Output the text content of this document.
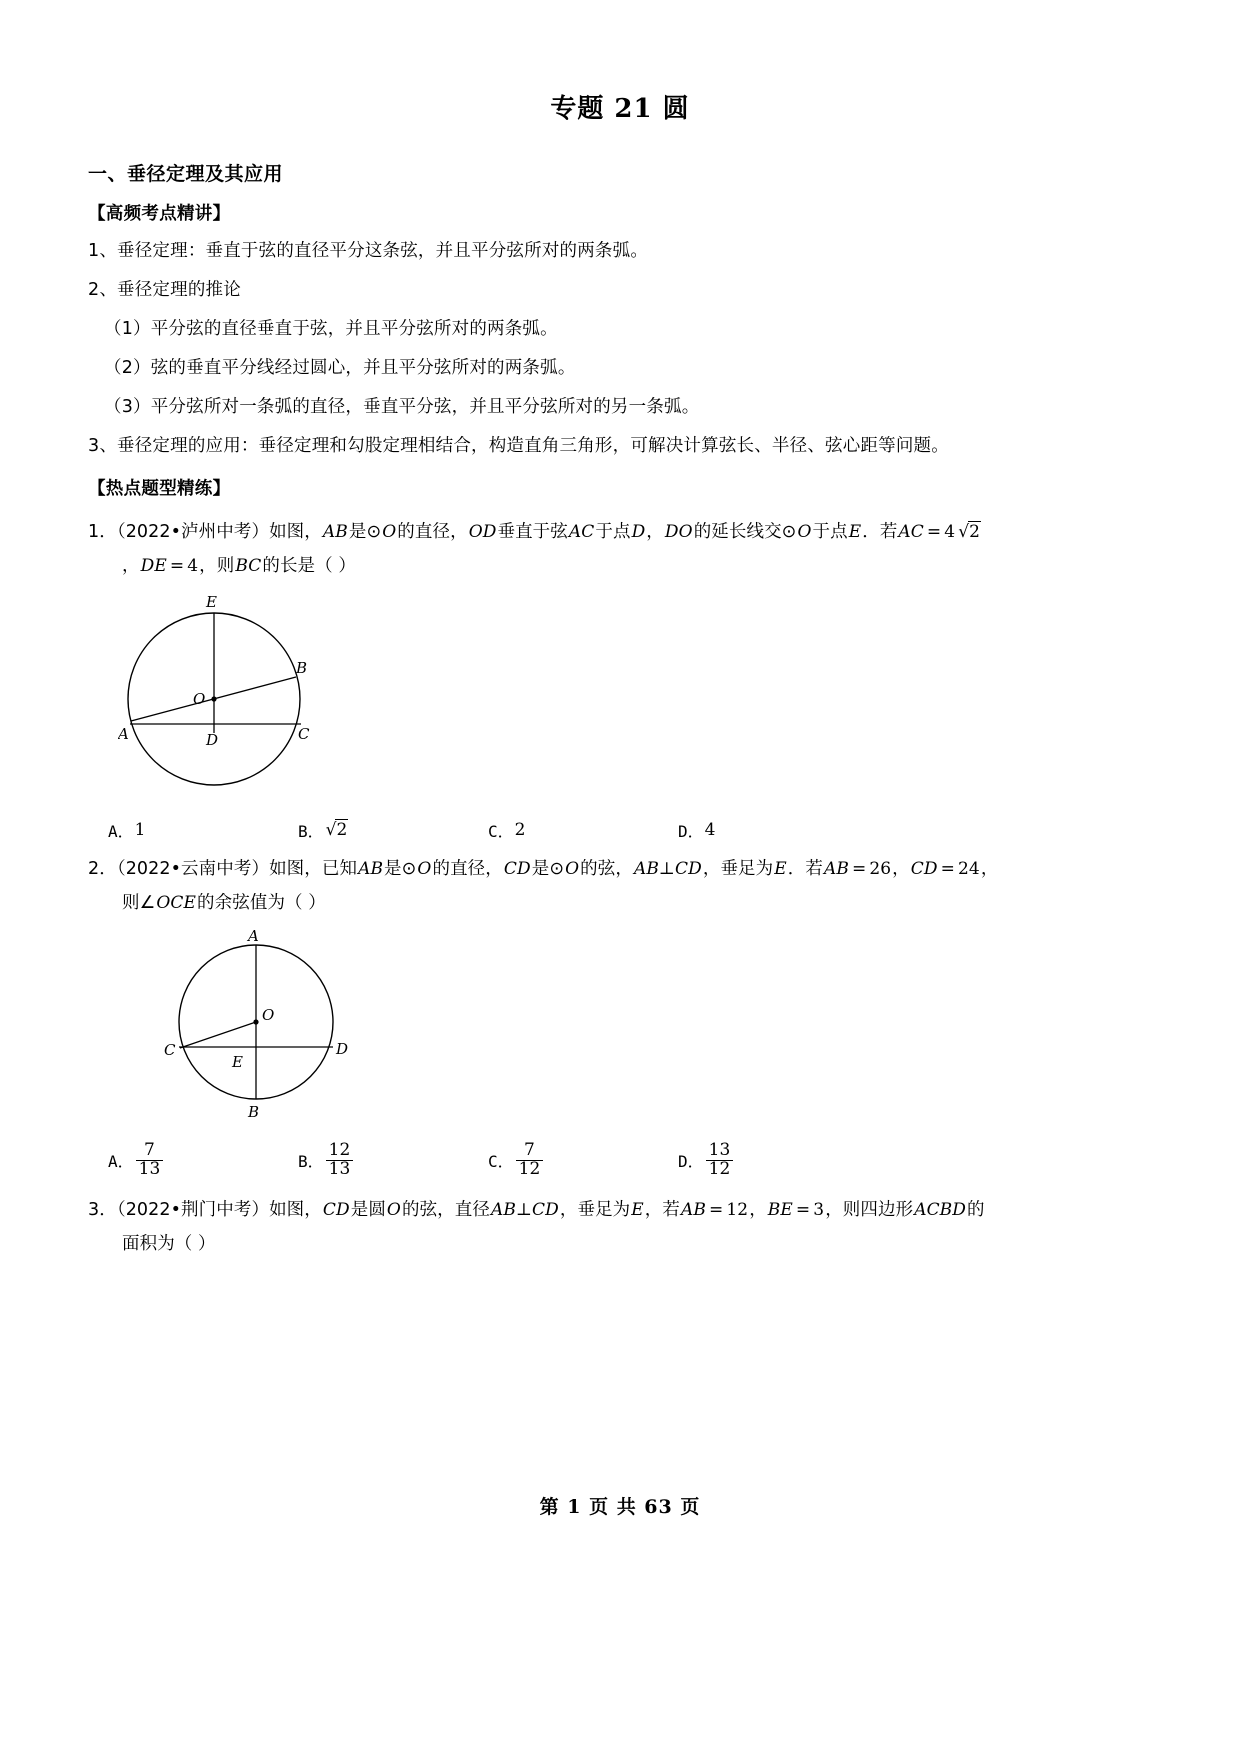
专题 21 圆
一、垂径定理及其应用
【高频考点精讲】
1、垂径定理：垂直于弦的直径平分这条弦，并且平分弦所对的两条弧。
2、垂径定理的推论
（1）平分弦的直径垂直于弦，并且平分弦所对的两条弧。
（2）弦的垂直平分线经过圆心，并且平分弦所对的两条弧。
（3）平分弦所对一条弧的直径，垂直平分弦，并且平分弦所对的另一条弧。
3、垂径定理的应用：垂径定理和勾股定理相结合，构造直角三角形，可解决计算弦长、半径、弦心距等问题。
【热点题型精练】
1．（2022•泸州中考）如图，AB是⊙O的直径，OD垂直于弦AC于点D，DO的延长线交⊙O于点E．若AC = 4 √2
，DE = 4，则BC的长是（ ）
E
O
B
A	D	C
A． 1	B． √2	C． 2	D． 4
2．（2022•云南中考）如图，已知AB是⊙O的直径，CD是⊙O的弦，AB⊥CD，垂足为E．若AB = 26，CD = 24，
则∠OCE的余弦值为（ ）
A
O
C
E
D
B
A． $\frac{7}{13}$	B． $\frac{12}{13}$	C． $\frac{7}{12}$	D． $\frac{13}{12}$
3．（2022•荆门中考）如图，CD是圆O的弦，直径AB⊥CD，垂足为E，若AB = 12，BE = 3，则四边形ACBD的
面积为（ ）
第 1 页 共 63 页
